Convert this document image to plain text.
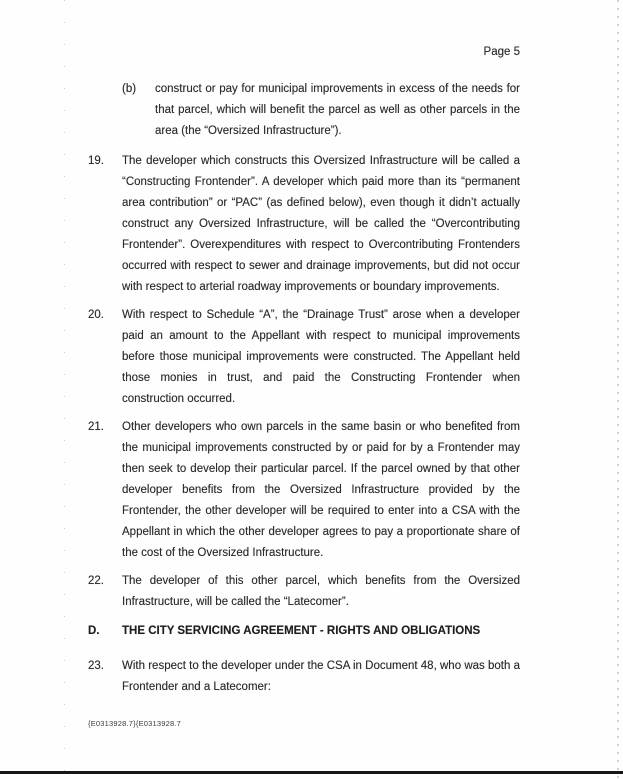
Page 5
(b)	construct or pay for municipal improvements in excess of the needs for that parcel, which will benefit the parcel as well as other parcels in the area (the “Oversized Infrastructure”).
19.	The developer which constructs this Oversized Infrastructure will be called a “Constructing Frontender”. A developer which paid more than its “permanent area contribution” or “PAC” (as defined below), even though it didn’t actually construct any Oversized Infrastructure, will be called the “Overcontributing Frontender”. Overexpenditures with respect to Overcontributing Frontenders occurred with respect to sewer and drainage improvements, but did not occur with respect to arterial roadway improvements or boundary improvements.
20.	With respect to Schedule “A”, the “Drainage Trust” arose when a developer paid an amount to the Appellant with respect to municipal improvements before those municipal improvements were constructed. The Appellant held those monies in trust, and paid the Constructing Frontender when construction occurred.
21.	Other developers who own parcels in the same basin or who benefited from the municipal improvements constructed by or paid for by a Frontender may then seek to develop their particular parcel. If the parcel owned by that other developer benefits from the Oversized Infrastructure provided by the Frontender, the other developer will be required to enter into a CSA with the Appellant in which the other developer agrees to pay a proportionate share of the cost of the Oversized Infrastructure.
22.	The developer of this other parcel, which benefits from the Oversized Infrastructure, will be called the “Latecomer”.
D.	THE CITY SERVICING AGREEMENT - RIGHTS AND OBLIGATIONS
23.	With respect to the developer under the CSA in Document 48, who was both a Frontender and a Latecomer:
{E0313928.7}{E0313928.7
